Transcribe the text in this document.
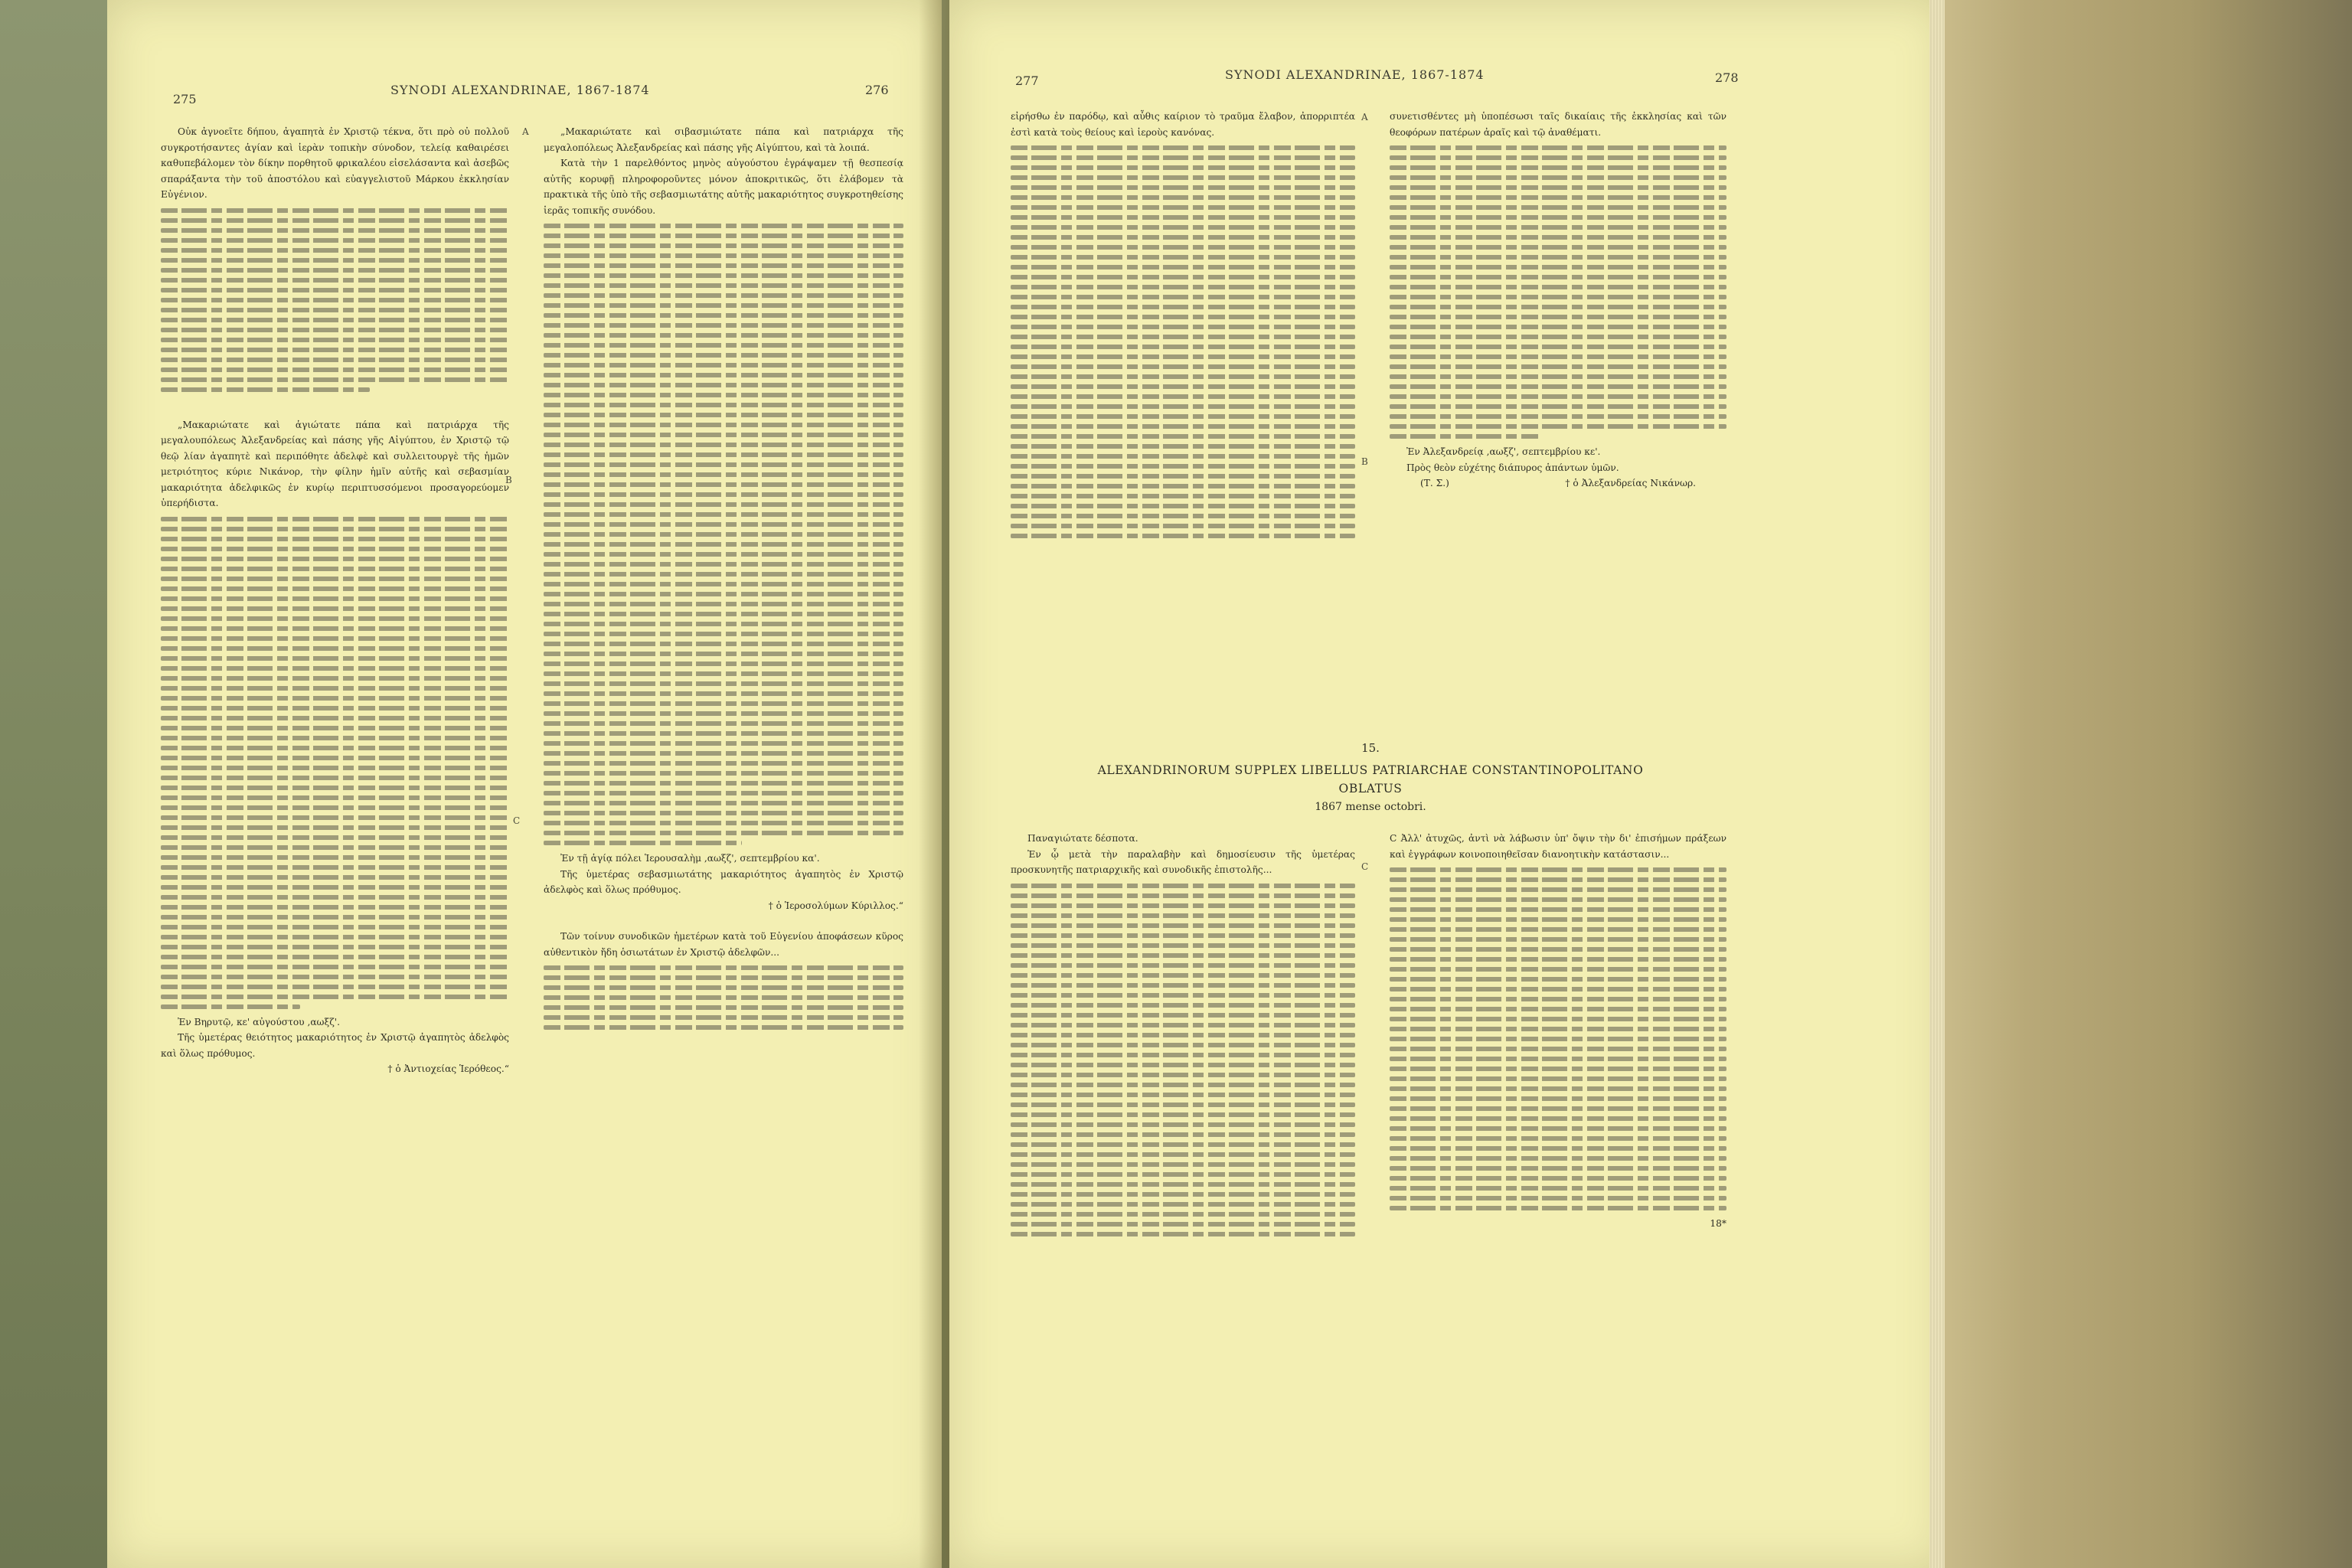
275
SYNODI ALEXANDRINAE, 1867-1874	276
A
B
C

Οὐκ ἀγνοεῖτε δήπου, ἀγαπητὰ ἐν Χριστῷ τέκνα, ὅτι πρὸ οὐ πολλοῦ συγκροτήσαντες ἁγίαν καὶ ἱερὰν τοπικὴν σύνοδον, τελείᾳ καθαιρέσει καθυπεβάλομεν τὸν δίκην πορθητοῦ φρικαλέου εἰσελάσαντα καὶ ἀσεβῶς σπαράξαντα τὴν τοῦ ἀποστόλου καὶ εὐαγγελιστοῦ Μάρκου ἐκκλησίαν Εὐγένιον.

„Μακαριώτατε καὶ ἁγιώτατε πάπα καὶ πατριάρχα τῆς μεγαλουπόλεως Ἀλεξανδρείας καὶ πάσης γῆς Αἰγύπτου, ἐν Χριστῷ τῷ θεῷ λίαν ἀγαπητὲ καὶ περιπόθητε ἀδελφὲ καὶ συλλειτουργὲ τῆς ἡμῶν μετριότητος κύριε Νικάνορ, τὴν φίλην ἡμῖν αὐτῆς καὶ σεβασμίαν μακαριότητα ἀδελφικῶς ἐν κυρίῳ περιπτυσσόμενοι προσαγορεύομεν ὑπερήδιστα.

Ἐν Βηρυτῷ, κε' αὐγούστου ,αωξζ'.

Τῆς ὑμετέρας θειότητος μακαριότητος ἐν Χριστῷ ἀγαπητὸς ἀδελφὸς καὶ ὅλως πρόθυμος.

† ὁ Ἀντιοχείας Ἱερόθεος.“

„Μακαριώτατε καὶ σιβασμιώτατε πάπα καὶ πατριάρχα τῆς μεγαλοπόλεως Ἀλεξανδρείας καὶ πάσης γῆς Αἰγύπτου, καὶ τὰ λοιπά.

Κατὰ τὴν 1 παρελθόντος μηνὸς αὐγούστου ἐγράψαμεν τῇ θεσπεσίᾳ αὐτῆς κορυφῇ πληροφοροῦντες μόνον ἀποκριτικῶς, ὅτι ἐλάβομεν τὰ πρακτικὰ τῆς ὑπὸ τῆς σεβασμιωτάτης αὐτῆς μακαριότητος συγκροτηθείσης ἱερᾶς τοπικῆς συνόδου.

Ἐν τῇ ἁγίᾳ πόλει Ἱερουσαλὴμ ,αωξζ', σεπτεμβρίου κα'.

Τῆς ὑμετέρας σεβασμιωτάτης μακαριότητος ἀγαπητὸς ἐν Χριστῷ ἀδελφὸς καὶ ὅλως πρόθυμος.

† ὁ Ἱεροσολύμων Κύριλλος.“

Τῶν τοίνυν συνοδικῶν ἡμετέρων κατὰ τοῦ Εὐγενίου ἀποφάσεων κῦρος αὐθεντικὸν ἤδη ὁσιωτάτων ἐν Χριστῷ ἀδελφῶν...

277	SYNODI ALEXANDRINAE, 1867-1874	278
A
B
C

εἰρήσθω ἐν παρόδῳ, καὶ αὖθις καίριον τὸ τραῦμα ἔλαβον, ἀπορριπτέα ἐστὶ κατὰ τοὺς θείους καὶ ἱεροὺς κανόνας.

συνετισθέντες μὴ ὑποπέσωσι ταῖς δικαίαις τῆς ἐκκλησίας καὶ τῶν θεοφόρων πατέρων ἀραῖς καὶ τῷ ἀναθέματι.

Ἐν Ἀλεξανδρείᾳ ,αωξζ', σεπτεμβρίου κε'.

Πρὸς θεὸν εὐχέτης διάπυρος ἁπάντων ὑμῶν.

(Τ. Σ.)	† ὁ Ἀλεξανδρείας Νικάνωρ.
15.
ALEXANDRINORUM SUPPLEX LIBELLUS PATRIARCHAE CONSTANTINOPOLITANO
OBLATUS
1867 mense octobri.

Παναγιώτατε δέσποτα.

Ἐν ᾧ μετὰ τὴν παραλαβὴν καὶ δημοσίευσιν τῆς ὑμετέρας προσκυνητῆς πατριαρχικῆς καὶ συνοδικῆς ἐπιστολῆς...

C Ἀλλ' ἀτυχῶς, ἀντὶ νὰ λάβωσιν ὑπ' ὄψιν τὴν δι' ἐπισήμων πράξεων καὶ ἐγγράφων κοινοποιηθεῖσαν διανοητικὴν κατάστασιν...

18*
